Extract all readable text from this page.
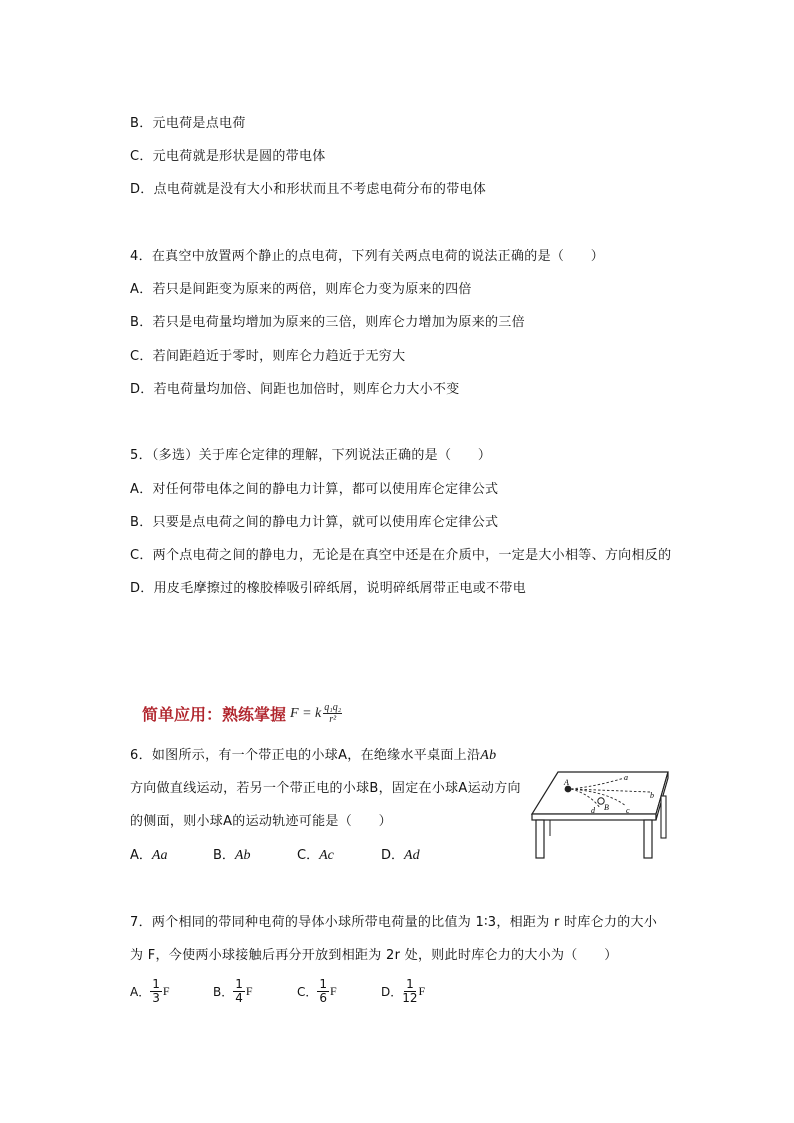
B．元电荷是点电荷
C．元电荷就是形状是圆的带电体
D．点电荷就是没有大小和形状而且不考虑电荷分布的带电体
4．在真空中放置两个静止的点电荷，下列有关两点电荷的说法正确的是（　　）
A．若只是间距变为原来的两倍，则库仑力变为原来的四倍
B．若只是电荷量均增加为原来的三倍，则库仑力增加为原来的三倍
C．若间距趋近于零时，则库仑力趋近于无穷大
D．若电荷量均加倍、间距也加倍时，则库仑力大小不变
5．（多选）关于库仑定律的理解，下列说法正确的是（　　）
A．对任何带电体之间的静电力计算，都可以使用库仑定律公式
B．只要是点电荷之间的静电力计算，就可以使用库仑定律公式
C．两个点电荷之间的静电力，无论是在真空中还是在介质中，一定是大小相等、方向相反的
D．用皮毛摩擦过的橡胶棒吸引碎纸屑，说明碎纸屑带正电或不带电
简单应用：熟练掌握 F = k $\frac{\text{q₁q₂}}{\text{r²}}$
6．如图所示，有一个带正电的小球A，在绝缘水平桌面上沿Ab
方向做直线运动，若另一个带正电的小球B，固定在小球A运动方向
的侧面，则小球A的运动轨迹可能是（　　）
A．Aa	B．Ab	C．Ac	D．Ad
A
a
b
c
d B
7．两个相同的带同种电荷的导体小球所带电荷量的比值为 1∶3，相距为 r 时库仑力的大小
为 F，今使两小球接触后再分开放到相距为 2r 处，则此时库仑力的大小为（　　）
A． $\frac{1}{3}$ F	B． $\frac{1}{4}$ F	C． $\frac{1}{6}$ F	D． $\frac{1}{12}$ F
